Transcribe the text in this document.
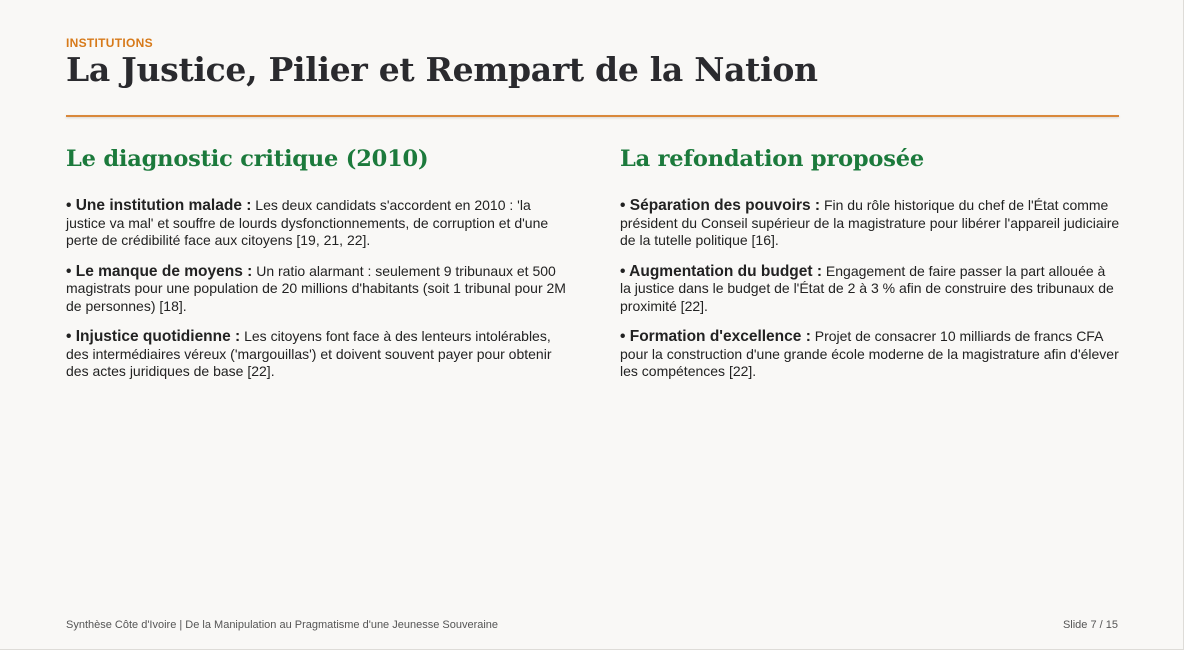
INSTITUTIONS
La Justice, Pilier et Rempart de la Nation
Le diagnostic critique (2010)

• Une institution malade : Les deux candidats s'accordent en 2010 : 'la justice va mal' et souffre de lourds dysfonctionnements, de corruption et d'une perte de crédibilité face aux citoyens [19, 21, 22].

• Le manque de moyens : Un ratio alarmant : seulement 9 tribunaux et 500 magistrats pour une population de 20 millions d'habitants (soit 1 tribunal pour 2M de personnes) [18].

• Injustice quotidienne : Les citoyens font face à des lenteurs intolérables, des intermédiaires véreux ('margouillas') et doivent souvent payer pour obtenir des actes juridiques de base [22].

La refondation proposée

• Séparation des pouvoirs : Fin du rôle historique du chef de l'État comme président du Conseil supérieur de la magistrature pour libérer l'appareil judiciaire de la tutelle politique [16].

• Augmentation du budget : Engagement de faire passer la part allouée à la justice dans le budget de l'État de 2 à 3 % afin de construire des tribunaux de proximité [22].

• Formation d'excellence : Projet de consacrer 10 milliards de francs CFA pour la construction d'une grande école moderne de la magistrature afin d'élever les compétences [22].

Synthèse Côte d'Ivoire | De la Manipulation au Pragmatisme d'une Jeunesse Souveraine	Slide 7 / 15
